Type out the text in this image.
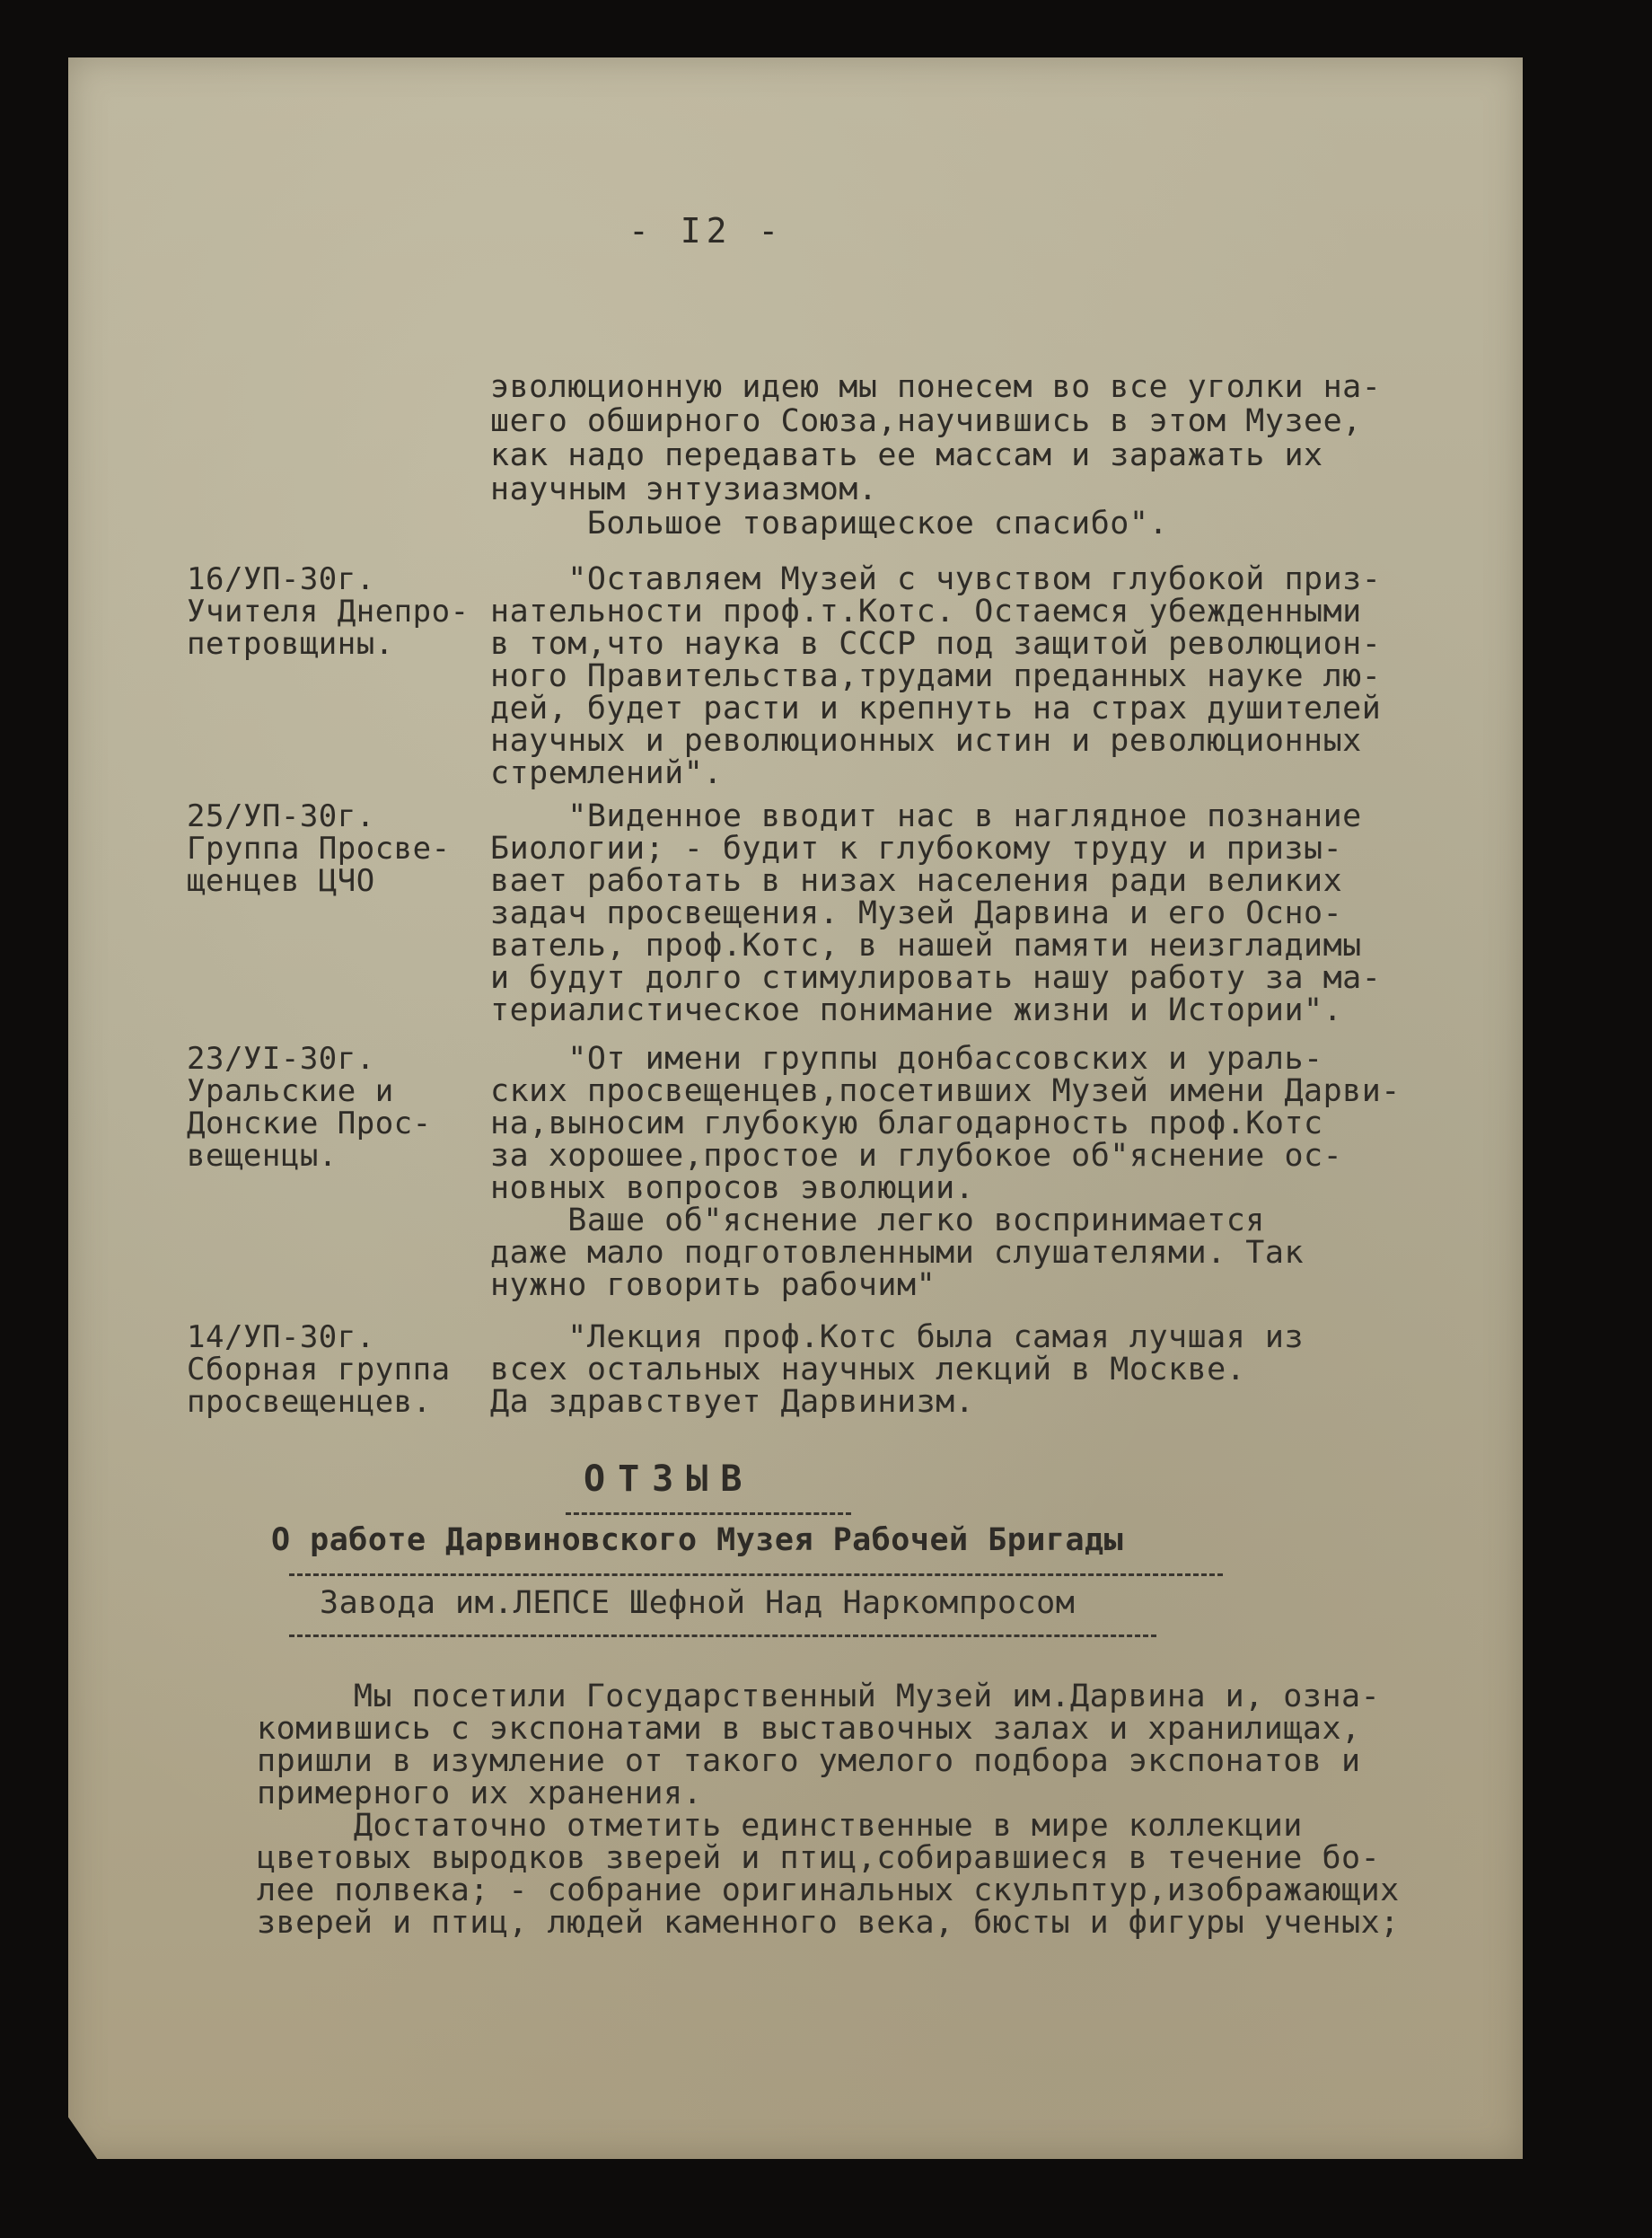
- I2 -
эволюционную идею мы понесем во все уголки на-
шего обширного Союза,научившись в этом Музее,
как надо передавать ее массам и заражать их
научным энтузиазмом.
Большое товарищеское спасибо".
16/УП-30г.
Учителя Днепро-
петровщины.
"Оставляем Музей с чувством глубокой приз-
нательности проф.т.Котс. Остаемся убежденными
в том,что наука в СССР под защитой революцион-
ного Правительства,трудами преданных науке лю-
дей, будет расти и крепнуть на страх душителей
научных и революционных истин и революционных
стремлений".
25/УП-30г.
Группа Просве-
щенцев ЦЧО
"Виденное вводит нас в наглядное познание
Биологии; - будит к глубокому труду и призы-
вает работать в низах населения ради великих
задач просвещения. Музей Дарвина и его Осно-
ватель, проф.Котс, в нашей памяти неизгладимы
и будут долго стимулировать нашу работу за ма-
териалистическое понимание жизни и Истории".
23/УI-30г.
Уральские и
Донские Прос-
вещенцы.
"От имени группы донбассовских и ураль-
ских просвещенцев,посетивших Музей имени Дарви-
на,выносим глубокую благодарность проф.Котс
за хорошее,простое и глубокое об"яснение ос-
новных вопросов эволюции.
Ваше об"яснение легко воспринимается
даже мало подготовленными слушателями. Так
нужно говорить рабочим"
14/УП-30г.
Сборная группа
просвещенцев.
"Лекция проф.Котс была самая лучшая из
всех остальных научных лекций в Москве.
Да здравствует Дарвинизм.
ОТЗЫВ
О работе Дарвиновского Музея Рабочей Бригады
Завода им.ЛЕПСЕ Шефной Над Наркомпросом
Мы посетили Государственный Музей им.Дарвина и, озна-
комившись с экспонатами в выставочных залах и хранилищах,
пришли в изумление от такого умелого подбора экспонатов и
примерного их хранения.
Достаточно отметить единственные в мире коллекции
цветовых выродков зверей и птиц,собиравшиеся в течение бо-
лее полвека; - собрание оригинальных скульптур,изображающих
зверей и птиц, людей каменного века, бюсты и фигуры ученых;
